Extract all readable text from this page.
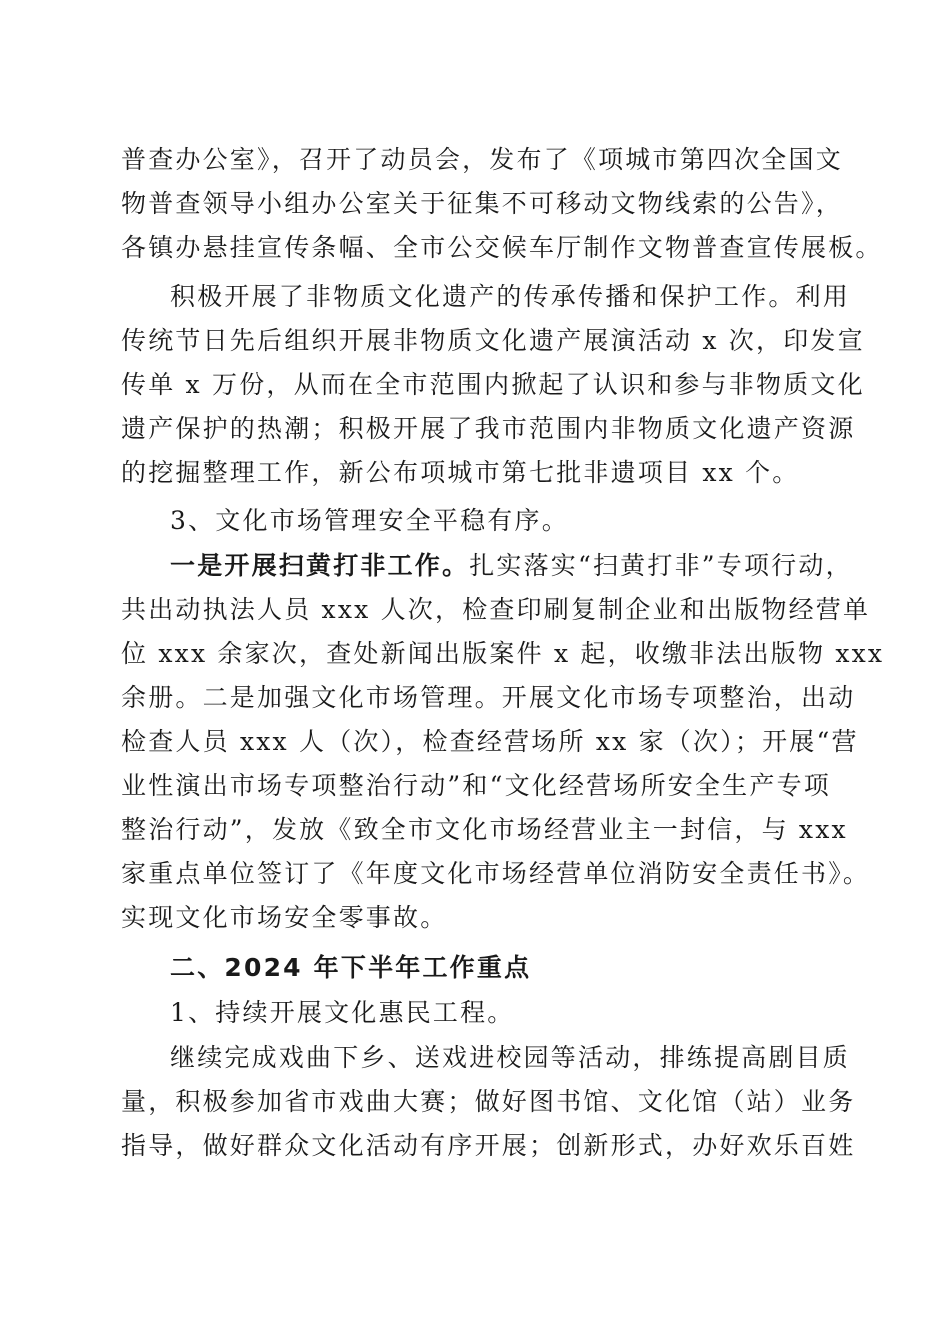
普查办公室》，召开了动员会，发布了《项城市第四次全国文
物普查领导小组办公室关于征集不可移动文物线索的公告》，
各镇办悬挂宣传条幅、全市公交候车厅制作文物普查宣传展板。
积极开展了非物质文化遗产的传承传播和保护工作。利用
传统节日先后组织开展非物质文化遗产展演活动 x 次，印发宣
传单 x 万份，从而在全市范围内掀起了认识和参与非物质文化
遗产保护的热潮；积极开展了我市范围内非物质文化遗产资源
的挖掘整理工作，新公布项城市第七批非遗项目 xx 个。
3、文化市场管理安全平稳有序。
一是开展扫黄打非工作。扎实落实“扫黄打非”专项行动，
共出动执法人员 xxx 人次，检查印刷复制企业和出版物经营单
位 xxx 余家次，查处新闻出版案件 x 起，收缴非法出版物 xxx
余册。二是加强文化市场管理。开展文化市场专项整治，出动
检查人员 xxx 人（次），检查经营场所 xx 家（次）；开展“营
业性演出市场专项整治行动”和“文化经营场所安全生产专项
整治行动”，发放《致全市文化市场经营业主一封信，与 xxx
家重点单位签订了《年度文化市场经营单位消防安全责任书》。
实现文化市场安全零事故。
二、2024 年下半年工作重点
1、持续开展文化惠民工程。
继续完成戏曲下乡、送戏进校园等活动，排练提高剧目质
量，积极参加省市戏曲大赛；做好图书馆、文化馆（站）业务
指导，做好群众文化活动有序开展；创新形式，办好欢乐百姓
